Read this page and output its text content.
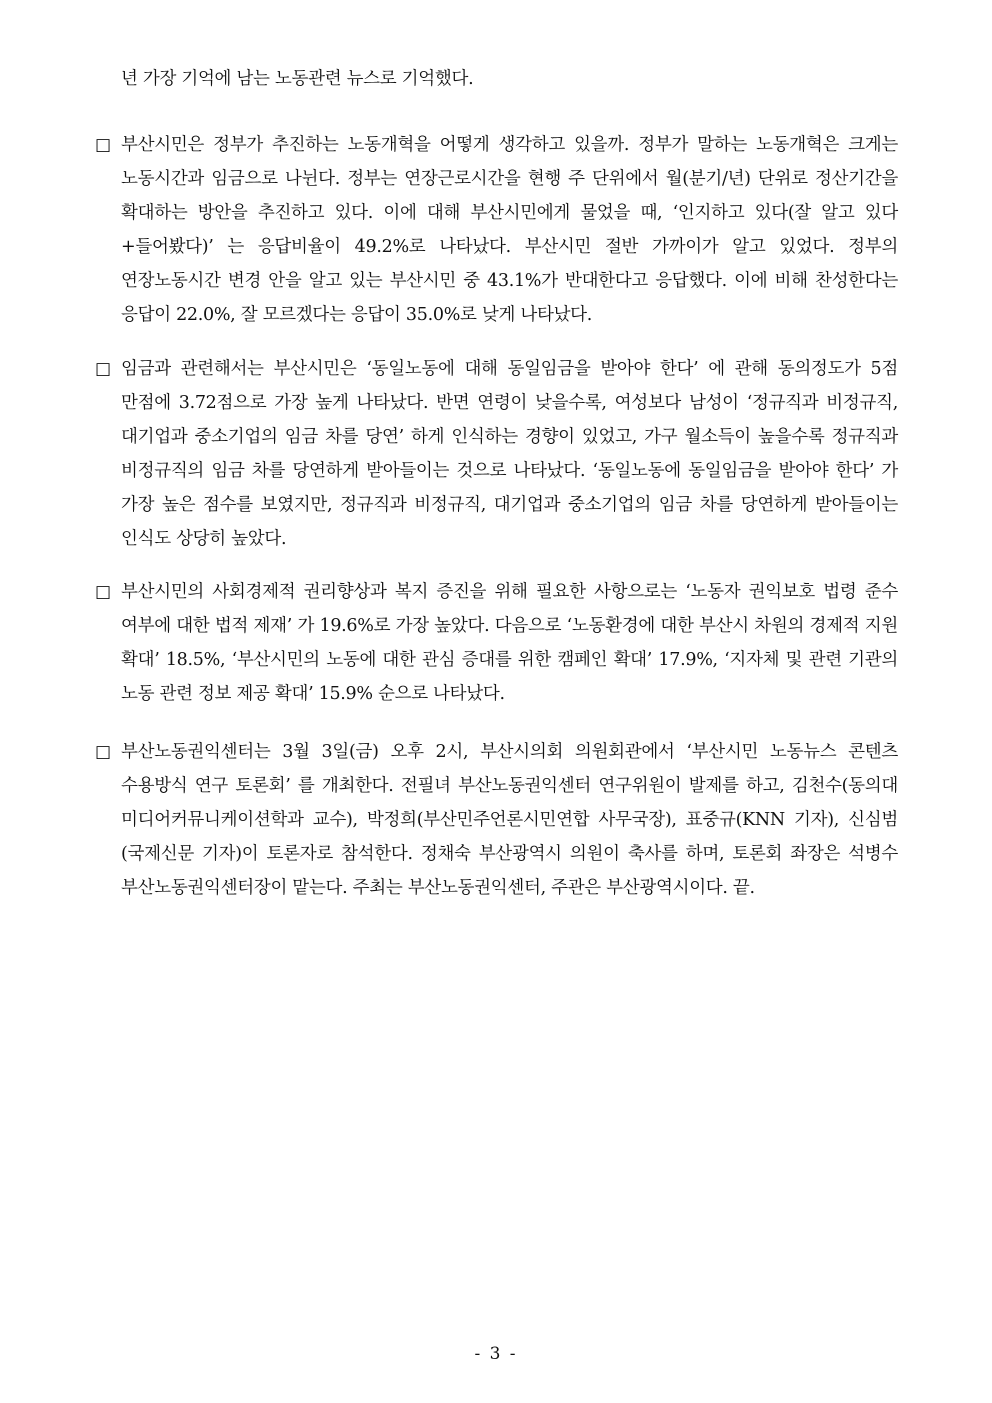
년 가장 기억에 남는 노동관련 뉴스로 기억했다.
□ 부산시민은 정부가 추진하는 노동개혁을 어떻게 생각하고 있을까. 정부가 말하는 노동개혁은 크게는 노동시간과 임금으로 나뉜다. 정부는 연장근로시간을 현행 주 단위에서 월(분기/년) 단위로 정산기간을 확대하는 방안을 추진하고 있다. 이에 대해 부산시민에게 물었을 때, ‘인지하고 있다(잘 알고 있다+들어봤다)’ 는 응답비율이 49.2%로 나타났다. 부산시민 절반 가까이가 알고 있었다. 정부의 연장노동시간 변경 안을 알고 있는 부산시민 중 43.1%가 반대한다고 응답했다. 이에 비해 찬성한다는 응답이 22.0%, 잘 모르겠다는 응답이 35.0%로 낮게 나타났다.
□ 임금과 관련해서는 부산시민은 ‘동일노동에 대해 동일임금을 받아야 한다’ 에 관해 동의정도가 5점 만점에 3.72점으로 가장 높게 나타났다. 반면 연령이 낮을수록, 여성보다 남성이 ‘정규직과 비정규직, 대기업과 중소기업의 임금 차를 당연’ 하게 인식하는 경향이 있었고, 가구 월소득이 높을수록 정규직과 비정규직의 임금 차를 당연하게 받아들이는 것으로 나타났다. ‘동일노동에 동일임금을 받아야 한다’ 가 가장 높은 점수를 보였지만, 정규직과 비정규직, 대기업과 중소기업의 임금 차를 당연하게 받아들이는 인식도 상당히 높았다.
□ 부산시민의 사회경제적 권리향상과 복지 증진을 위해 필요한 사항으로는 ‘노동자 권익보호 법령 준수 여부에 대한 법적 제재’ 가 19.6%로 가장 높았다. 다음으로 ‘노동환경에 대한 부산시 차원의 경제적 지원 확대’ 18.5%, ‘부산시민의 노동에 대한 관심 증대를 위한 캠페인 확대’ 17.9%, ‘지자체 및 관련 기관의 노동 관련 정보 제공 확대’ 15.9% 순으로 나타났다.
□ 부산노동권익센터는 3월 3일(금) 오후 2시, 부산시의회 의원회관에서 ‘부산시민 노동뉴스 콘텐츠 수용방식 연구 토론회’ 를 개최한다. 전필녀 부산노동권익센터 연구위원이 발제를 하고, 김천수(동의대 미디어커뮤니케이션학과 교수), 박정희(부산민주언론시민연합 사무국장), 표중규(KNN 기자), 신심범(국제신문 기자)이 토론자로 참석한다. 정채숙 부산광역시 의원이 축사를 하며, 토론회 좌장은 석병수 부산노동권익센터장이 맡는다. 주최는 부산노동권익센터, 주관은 부산광역시이다. 끝.
- 3 -
